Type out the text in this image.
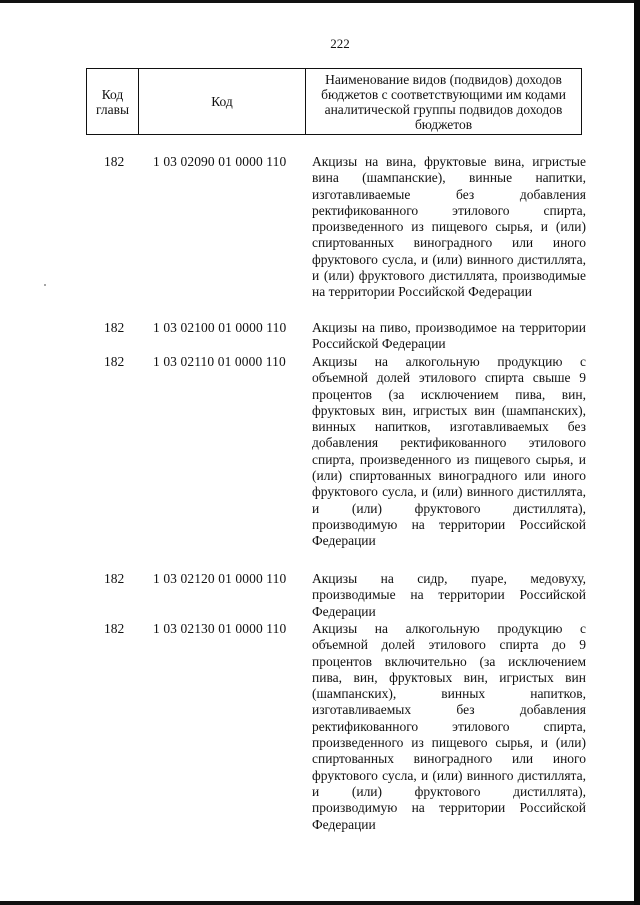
222
Код
главы	Код	Наименование видов (подвидов) доходов бюджетов с соответствующими им кодами аналитической группы подвидов доходов бюджетов
182 1 03 02090 01 0000 110 Акцизы на вина, фруктовые вина, игристые вина (шампанские), винные напитки, изготавливаемые без добавления ректификованного этилового спирта, произведенного из пищевого сырья, и (или) спиртованных виноградного или иного фруктового сусла, и (или) винного дистиллята, и (или) фруктового дистиллята, производимые на территории Российской Федерации
182 1 03 02100 01 0000 110 Акцизы на пиво, производимое на территории Российской Федерации
182 1 03 02110 01 0000 110 Акцизы на алкогольную продукцию с объемной долей этилового спирта свыше 9 процентов (за исключением пива, вин, фруктовых вин, игристых вин (шампанских), винных напитков, изготавливаемых без добавления ректификованного этилового спирта, произведенного из пищевого сырья, и (или) спиртованных виноградного или иного фруктового сусла, и (или) винного дистиллята, и (или) фруктового дистиллята), производимую на территории Российской Федерации
182 1 03 02120 01 0000 110 Акцизы на сидр, пуаре, медовуху, производимые на территории Российской Федерации
182 1 03 02130 01 0000 110 Акцизы на алкогольную продукцию с объемной долей этилового спирта до 9 процентов включительно (за исключением пива, вин, фруктовых вин, игристых вин (шампанских), винных напитков, изготавливаемых без добавления ректификованного этилового спирта, произведенного из пищевого сырья, и (или) спиртованных виноградного или иного фруктового сусла, и (или) винного дистиллята, и (или) фруктового дистиллята), производимую на территории Российской Федерации
